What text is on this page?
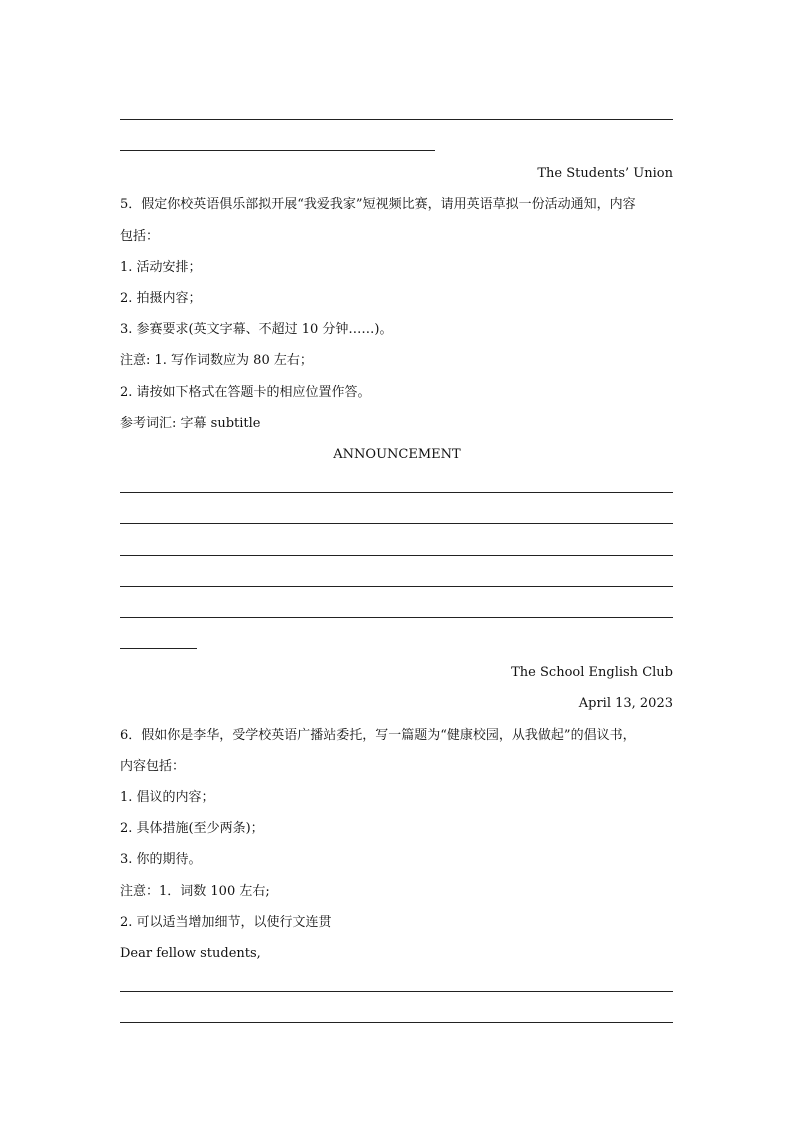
The Students’ Union
5．假定你校英语俱乐部拟开展“我爱我家”短视频比赛，请用英语草拟一份活动通知，内容
包括：
1. 活动安排；
2. 拍摄内容；
3. 参赛要求(英文字幕、不超过 10 分钟……)。
注意: 1. 写作词数应为 80 左右；
2. 请按如下格式在答题卡的相应位置作答。
参考词汇: 字幕 subtitle
ANNOUNCEMENT
The School English Club
April 13, 2023
6．假如你是李华，受学校英语广播站委托，写一篇题为“健康校园，从我做起”的倡议书，
内容包括：
1. 倡议的内容；
2. 具体措施(至少两条)；
3. 你的期待。
注意：1．词数 100 左右;
2. 可以适当增加细节，以使行文连贯
Dear fellow students,
